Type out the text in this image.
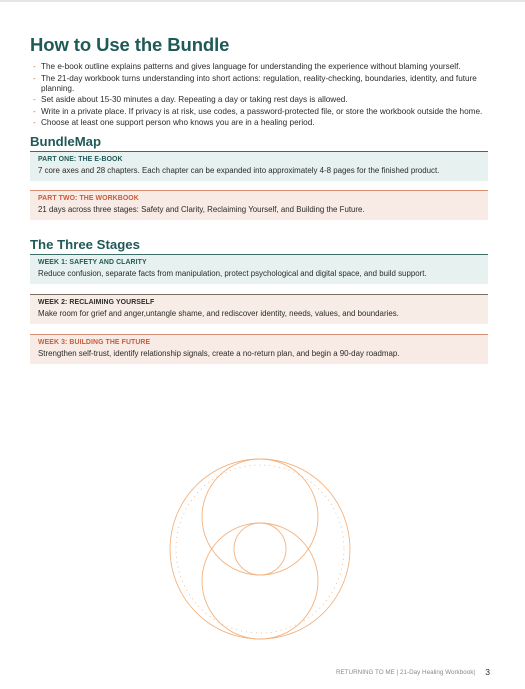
How to Use the Bundle
- The e-book outline explains patterns and gives language for understanding the experience without blaming yourself.
- The 21-day workbook turns understanding into short actions: regulation, reality-checking, boundaries, identity, and future planning.
- Set aside about 15-30 minutes a day. Repeating a day or taking rest days is allowed.
- Write in a private place. If privacy is at risk, use codes, a password-protected file, or store the workbook outside the home.
- Choose at least one support person who knows you are in a healing period.
BundleMap
PART ONE: THE E-BOOK
7 core axes and 28 chapters. Each chapter can be expanded into approximately 4-8 pages for the finished product.
PART TWO: THE WORKBOOK
21 days across three stages: Safety and Clarity, Reclaiming Yourself, and Building the Future.
The Three Stages
WEEK 1: SAFETY AND CLARITY
Reduce confusion, separate facts from manipulation, protect psychological and digital space, and build support.
WEEK 2: RECLAIMING YOURSELF
Make room for grief and anger,untangle shame, and rediscover identity, needs, values, and boundaries.
WEEK 3: BUILDING THE FUTURE
Strengthen self-trust, identify relationship signals, create a no-return plan, and begin a 90-day roadmap.
RETURNING TO ME | 21-Day Healing Workbook| 3
